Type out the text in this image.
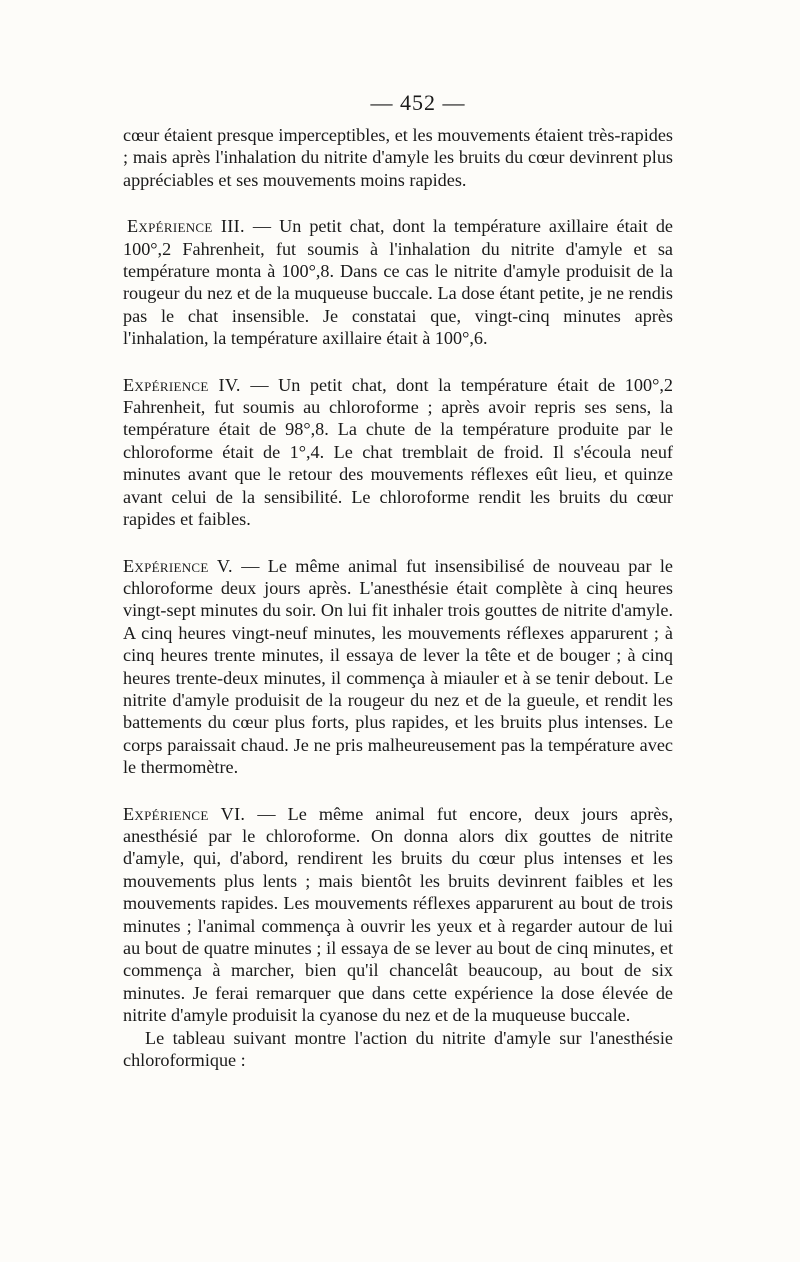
— 452 —

cœur étaient presque imperceptibles, et les mouvements étaient très-rapides ; mais après l'inhalation du nitrite d'amyle les bruits du cœur devinrent plus appréciables et ses mouvements moins rapides.

Expérience III. — Un petit chat, dont la température axillaire était de 100°,2 Fahrenheit, fut soumis à l'inhalation du nitrite d'amyle et sa température monta à 100°,8. Dans ce cas le nitrite d'amyle produisit de la rougeur du nez et de la muqueuse buccale. La dose étant petite, je ne rendis pas le chat insensible. Je constatai que, vingt-cinq minutes après l'inhalation, la température axillaire était à 100°,6.

Expérience IV. — Un petit chat, dont la température était de 100°,2 Fahrenheit, fut soumis au chloroforme ; après avoir repris ses sens, la température était de 98°,8. La chute de la température produite par le chloroforme était de 1°,4. Le chat tremblait de froid. Il s'écoula neuf minutes avant que le retour des mouvements réflexes eût lieu, et quinze avant celui de la sensibilité. Le chloroforme rendit les bruits du cœur rapides et faibles.

Expérience V. — Le même animal fut insensibilisé de nouveau par le chloroforme deux jours après. L'anesthésie était complète à cinq heures vingt-sept minutes du soir. On lui fit inhaler trois gouttes de nitrite d'amyle. A cinq heures vingt-neuf minutes, les mouvements réflexes apparurent ; à cinq heures trente minutes, il essaya de lever la tête et de bouger ; à cinq heures trente-deux minutes, il commença à miauler et à se tenir debout. Le nitrite d'amyle produisit de la rougeur du nez et de la gueule, et rendit les battements du cœur plus forts, plus rapides, et les bruits plus intenses. Le corps paraissait chaud. Je ne pris malheureusement pas la température avec le thermomètre.

Expérience VI. — Le même animal fut encore, deux jours après, anesthésié par le chloroforme. On donna alors dix gouttes de nitrite d'amyle, qui, d'abord, rendirent les bruits du cœur plus intenses et les mouvements plus lents ; mais bientôt les bruits devinrent faibles et les mouvements rapides. Les mouvements réflexes apparurent au bout de trois minutes ; l'animal commença à ouvrir les yeux et à regarder autour de lui au bout de quatre minutes ; il essaya de se lever au bout de cinq minutes, et commença à marcher, bien qu'il chancelât beaucoup, au bout de six minutes. Je ferai remarquer que dans cette expérience la dose élevée de nitrite d'amyle produisit la cyanose du nez et de la muqueuse buccale.

Le tableau suivant montre l'action du nitrite d'amyle sur l'anesthésie chloroformique :
